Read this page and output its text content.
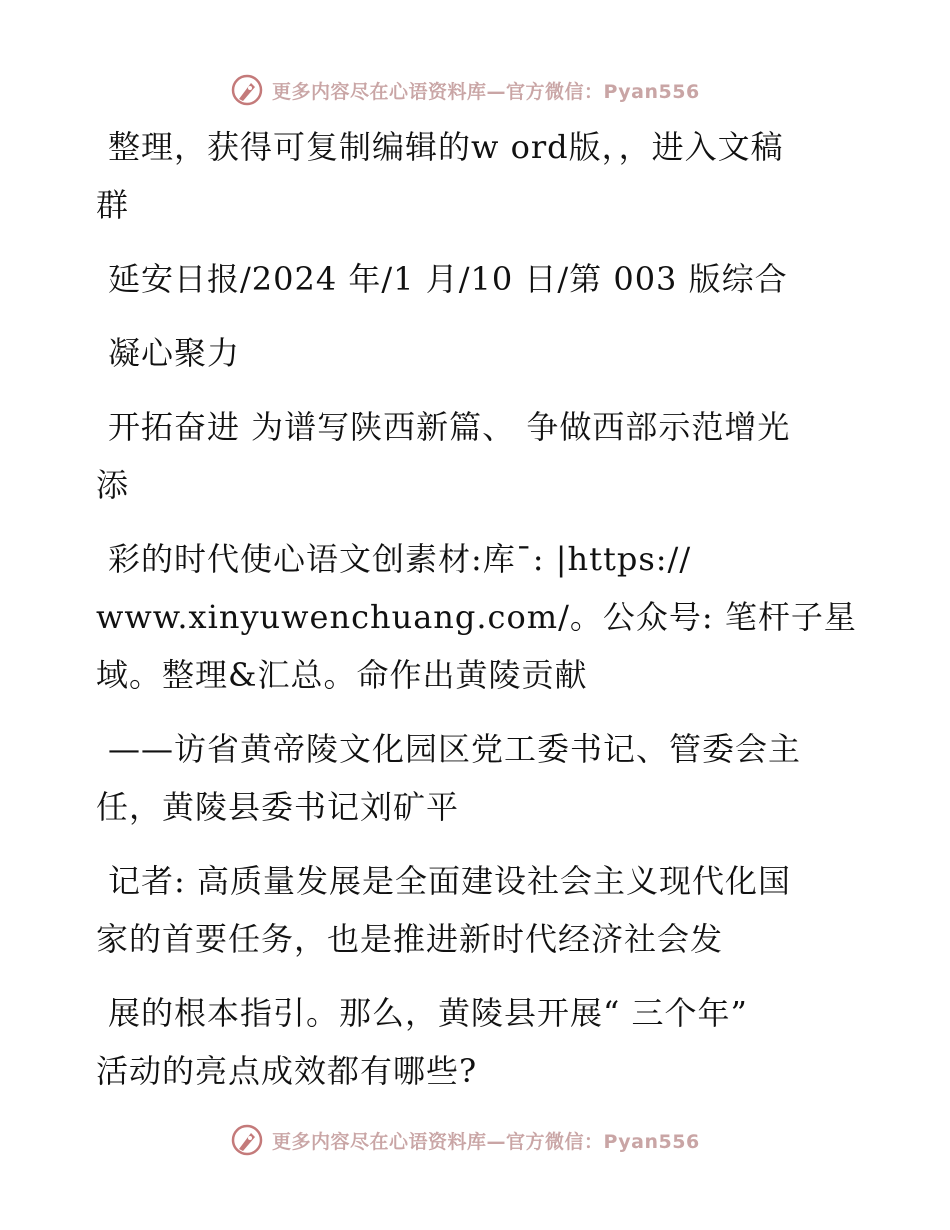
更多内容尽在心语资料库—官方微信：Pyan556
整理，获得可复制编辑的w ord版，，进入文稿
群
延安日报/2024 年/1 月/10 日/第 003 版综合
凝心聚力
开拓奋进 为谱写陕西新篇、 争做西部示范增光
添
彩的时代使心语文创素材:库¯: |https://
www.xinyuwenchuang.com/。公众号: 笔杆子星
域。整理&汇总。命作出黄陵贡献
——访省黄帝陵文化园区党工委书记、管委会主
任，黄陵县委书记刘矿平
记者: 高质量发展是全面建设社会主义现代化国
家的首要任务，也是推进新时代经济社会发
展的根本指引。那么，黄陵县开展“ 三个年”
活动的亮点成效都有哪些?
更多内容尽在心语资料库—官方微信：Pyan556
